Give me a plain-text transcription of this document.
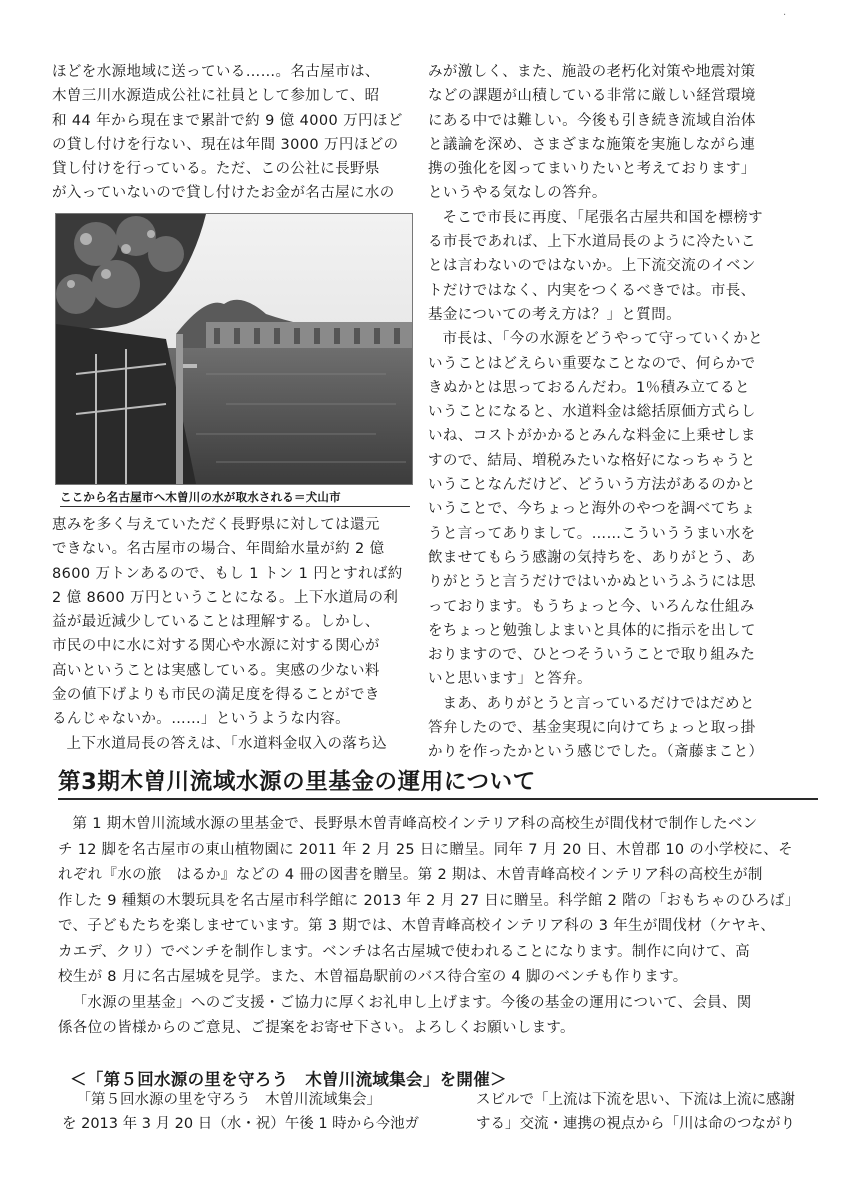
ほどを水源地域に送っている……。名古屋市は、
木曽三川水源造成公社に社員として参加して、昭
和 44 年から現在まで累計で約 9 億 4000 万円ほど
の貸し付けを行ない、現在は年間 3000 万円ほどの
貸し付けを行っている。ただ、この公社に長野県
が入っていないので貸し付けたお金が名古屋に水の

ここから名古屋市へ木曽川の水が取水される＝犬山市

恵みを多く与えていただく長野県に対しては還元
できない。名古屋市の場合、年間給水量が約 2 億
8600 万トンあるので、もし 1 トン 1 円とすれば約
2 億 8600 万円ということになる。上下水道局の利
益が最近減少していることは理解する。しかし、
市民の中に水に対する関心や水源に対する関心が
高いということは実感している。実感の少ない料
金の値下げよりも市民の満足度を得ることができ
るんじゃないか。……」というような内容。

上下水道局長の答えは、「水道料金収入の落ち込

みが激しく、また、施設の老朽化対策や地震対策
などの課題が山積している非常に厳しい経営環境
にある中では難しい。今後も引き続き流域自治体
と議論を深め、さまざまな施策を実施しながら連
携の強化を図ってまいりたいと考えております」
というやる気なしの答弁。

そこで市長に再度、「尾張名古屋共和国を標榜す
る市長であれば、上下水道局長のように冷たいこ
とは言わないのではないか。上下流交流のイベン
トだけではなく、内実をつくるべきでは。市長、
基金についての考え方は？」と質問。

市長は、「今の水源をどうやって守っていくかと
いうことはどえらい重要なことなので、何らかで
きぬかとは思っておるんだわ。1％積み立てると
いうことになると、水道料金は総括原価方式らし
いね、コストがかかるとみんな料金に上乗せしま
すので、結局、増税みたいな格好になっちゃうと
いうことなんだけど、どういう方法があるのかと
いうことで、今ちょっと海外のやつを調べてちょ
うと言ってありまして。……こういううまい水を
飲ませてもらう感謝の気持ちを、ありがとう、あ
りがとうと言うだけではいかぬというふうには思
っております。もうちょっと今、いろんな仕組み
をちょっと勉強しよまいと具体的に指示を出して
おりますので、ひとつそういうことで取り組みた
いと思います」と答弁。

まあ、ありがとうと言っているだけではだめと
答弁したので、基金実現に向けてちょっと取っ掛
かりを作ったかという感じでした。（斎藤まこと）

第3期木曽川流域水源の里基金の運用について

第 1 期木曽川流域水源の里基金で、長野県木曽青峰高校インテリア科の高校生が間伐材で制作したベン
チ 12 脚を名古屋市の東山植物園に 2011 年 2 月 25 日に贈呈。同年 7 月 20 日、木曽郡 10 の小学校に、そ
れぞれ『水の旅　はるか』などの 4 冊の図書を贈呈。第 2 期は、木曽青峰高校インテリア科の高校生が制
作した 9 種類の木製玩具を名古屋市科学館に 2013 年 2 月 27 日に贈呈。科学館 2 階の「おもちゃのひろば」
で、子どもたちを楽しませています。第 3 期では、木曽青峰高校インテリア科の 3 年生が間伐材（ケヤキ、
カエデ、クリ）でベンチを制作します。ベンチは名古屋城で使われることになります。制作に向けて、高
校生が 8 月に名古屋城を見学。また、木曽福島駅前のバス待合室の 4 脚のベンチも作ります。

「水源の里基金」へのご支援・ご協力に厚くお礼申し上げます。今後の基金の運用について、会員、関
係各位の皆様からのご意見、ご提案をお寄せ下さい。よろしくお願いします。

＜「第５回水源の里を守ろう　木曽川流域集会」を開催＞

「第５回水源の里を守ろう　木曽川流域集会」
を 2013 年 3 月 20 日（水・祝）午後 1 時から今池ガ

スビルで「上流は下流を思い、下流は上流に感謝
する」交流・連携の視点から「川は命のつながり

·
